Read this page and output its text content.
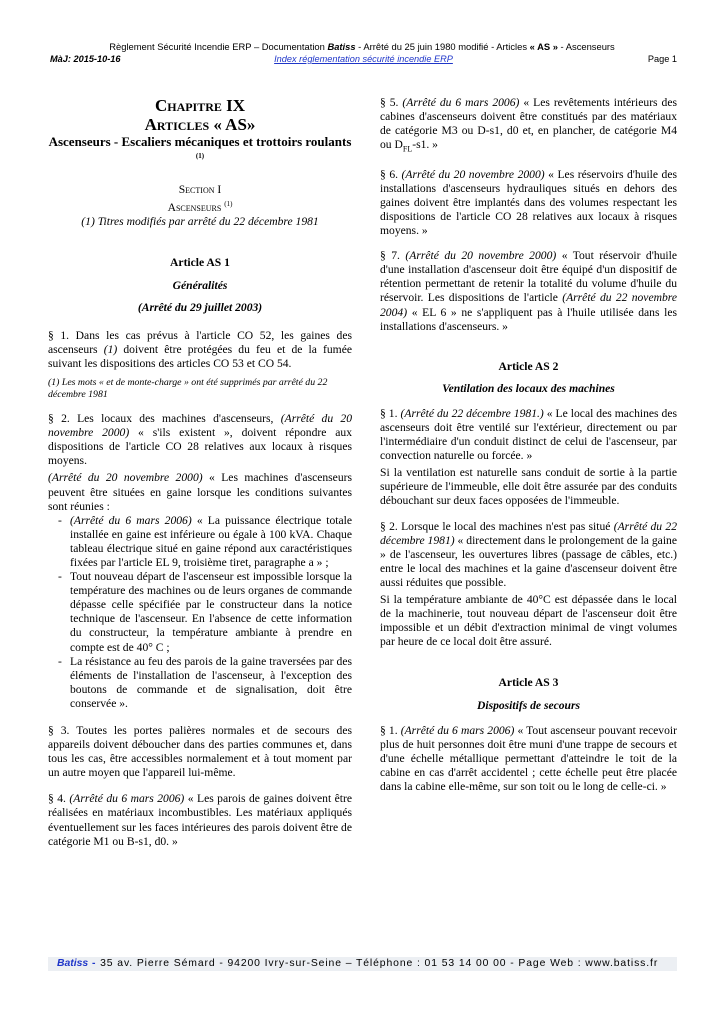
Règlement Sécurité Incendie ERP – Documentation Batiss - Arrêté du 25 juin 1980 modifié - Articles « AS » - Ascenseurs
MàJ: 2015-10-16	Index réglementation sécurité incendie ERP	Page 1

Chapitre IX

Articles « AS»

Ascenseurs - Escaliers mécaniques et trottoirs roulants $^{(1)}$

Section I

Ascenseurs $^{(1)}$

(1) Titres modifiés par arrêté du 22 décembre 1981

Article AS 1

Généralités

(Arrêté du 29 juillet 2003)

§ 1. Dans les cas prévus à l'article CO 52, les gaines des ascenseurs (1) doivent être protégées du feu et de la fumée suivant les dispositions des articles CO 53 et CO 54.

(1) Les mots « et de monte-charge » ont été supprimés par arrêté du 22 décembre 1981

§ 2. Les locaux des machines d'ascenseurs, (Arrêté du 20 novembre 2000) « s'ils existent », doivent répondre aux dispositions de l'article CO 28 relatives aux locaux à risques moyens.

(Arrêté du 20 novembre 2000) « Les machines d'ascenseurs peuvent être situées en gaine lorsque les conditions suivantes sont réunies :

- (Arrêté du 6 mars 2006) « La puissance électrique totale installée en gaine est inférieure ou égale à 100 kVA. Chaque tableau électrique situé en gaine répond aux caractéristiques fixées par l'article EL 9, troisième tiret, paragraphe a » ;
- Tout nouveau départ de l'ascenseur est impossible lorsque la température des machines ou de leurs organes de commande dépasse celle spécifiée par le constructeur dans la notice technique de l'ascenseur. En l'absence de cette information du constructeur, la température ambiante à prendre en compte est de 40° C ;
- La résistance au feu des parois de la gaine traversées par des éléments de l'installation de l'ascenseur, à l'exception des boutons de commande et de signalisation, doit être conservée ».

§ 3. Toutes les portes palières normales et de secours des appareils doivent déboucher dans des parties communes et, dans tous les cas, être accessibles normalement et à tout moment par un autre moyen que l'appareil lui-même.

§ 4. (Arrêté du 6 mars 2006) « Les parois de gaines doivent être réalisées en matériaux incombustibles. Les matériaux appliqués éventuellement sur les faces intérieures des parois doivent être de catégorie M1 ou B-s1, d0. »

§ 5. (Arrêté du 6 mars 2006) « Les revêtements intérieurs des cabines d'ascenseurs doivent être constitués par des matériaux de catégorie M3 ou D-s1, d0 et, en plancher, de catégorie M4 ou $D_{FL}-s1$. »

§ 6. (Arrêté du 20 novembre 2000) « Les réservoirs d'huile des installations d'ascenseurs hydrauliques situés en dehors des gaines doivent être implantés dans des volumes respectant les dispositions de l'article CO 28 relatives aux locaux à risques moyens. »

§ 7. (Arrêté du 20 novembre 2000) « Tout réservoir d'huile d'une installation d'ascenseur doit être équipé d'un dispositif de rétention permettant de retenir la totalité du volume d'huile du réservoir. Les dispositions de l'article (Arrêté du 22 novembre 2004) « EL 6 » ne s'appliquent pas à l'huile utilisée dans les installations d'ascenseurs. »

Article AS 2

Ventilation des locaux des machines

§ 1. (Arrêté du 22 décembre 1981.) « Le local des machines des ascenseurs doit être ventilé sur l'extérieur, directement ou par l'intermédiaire d'un conduit distinct de celui de l'ascenseur, par convection naturelle ou forcée. »

Si la ventilation est naturelle sans conduit de sortie à la partie supérieure de l'immeuble, elle doit être assurée par des conduits débouchant sur deux faces opposées de l'immeuble.

§ 2. Lorsque le local des machines n'est pas situé (Arrêté du 22 décembre 1981) « directement dans le prolongement de la gaine » de l'ascenseur, les ouvertures libres (passage de câbles, etc.) entre le local des machines et la gaine d'ascenseur doivent être aussi réduites que possible.

Si la température ambiante de 40°C est dépassée dans le local de la machinerie, tout nouveau départ de l'ascenseur doit être impossible et un débit d'extraction minimal de vingt volumes par heure de ce local doit être assuré.

Article AS 3

Dispositifs de secours

§ 1. (Arrêté du 6 mars 2006) « Tout ascenseur pouvant recevoir plus de huit personnes doit être muni d'une trappe de secours et d'une échelle métallique permettant d'atteindre le toit de la cabine en cas d'arrêt accidentel ; cette échelle peut être placée dans la cabine elle-même, sur son toit ou le long de celle-ci. »

Batiss - 35 av. Pierre Sémard - 94200 Ivry-sur-Seine – Téléphone : 01 53 14 00 00 - Page Web : www.batiss.fr
